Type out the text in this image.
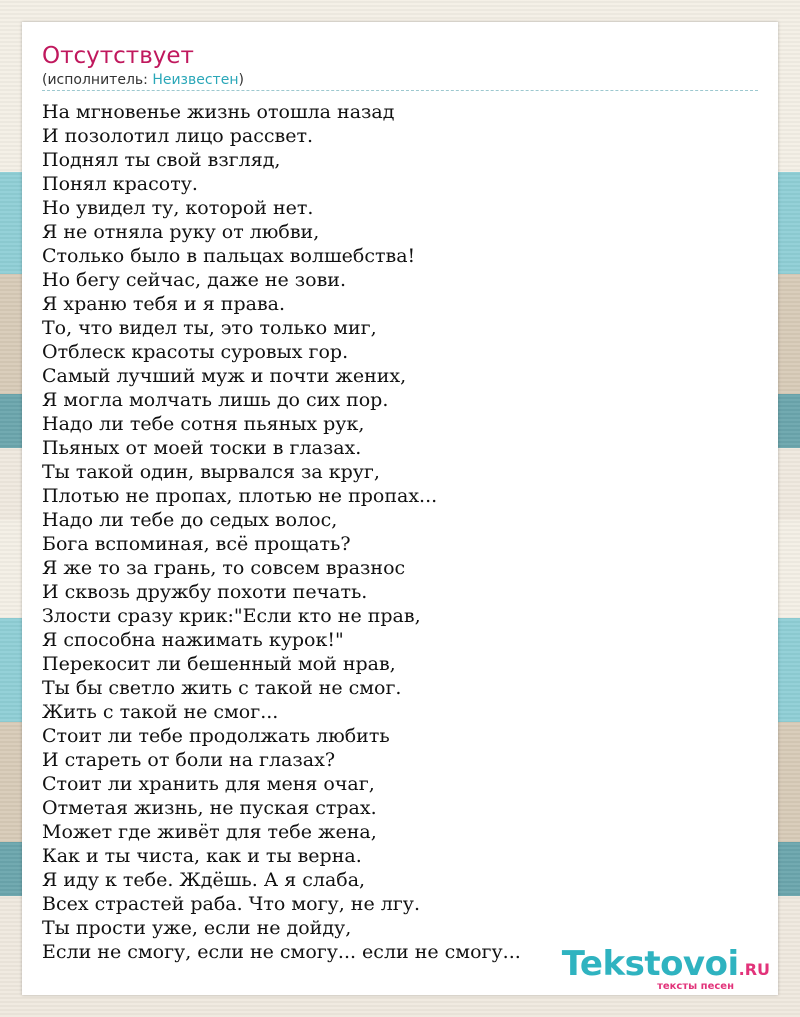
Отсутствует
(исполнитель: Неизвестен)
На мгновенье жизнь отошла назад
И позолотил лицо рассвет.
Поднял ты свой взгляд,
Понял красоту.
Но увидел ту, которой нет.
Я не отняла руку от любви,
Столько было в пальцах волшебства!
Но бегу сейчас, даже не зови.
Я храню тебя и я права.
То, что видел ты, это только миг,
Отблеск красоты суровых гор.
Самый лучший муж и почти жених,
Я могла молчать лишь до сих пор.
Надо ли тебе сотня пьяных рук,
Пьяных от моей тоски в глазах.
Ты такой один, вырвался за круг,
Плотью не пропах, плотью не пропах...
Надо ли тебе до седых волос,
Бога вспоминая, всё прощать?
Я же то за грань, то совсем вразнос
И сквозь дружбу похоти печать.
Злости сразу крик:"Если кто не прав,
Я способна нажимать курок!"
Перекосит ли бешенный мой нрав,
Ты бы светло жить с такой не смог.
Жить с такой не смог...
Стоит ли тебе продолжать любить
И стареть от боли на глазах?
Стоит ли хранить для меня очаг,
Отметая жизнь, не пуская страх.
Может где живёт для тебе жена,
Как и ты чиста, как и ты верна.
Я иду к тебе. Ждёшь. А я слаба,
Всех страстей раба. Что могу, не лгу.
Ты прости уже, если не дойду,
Если не смогу, если не смогу... если не смогу... Tekstovoi.RU
тексты песен
